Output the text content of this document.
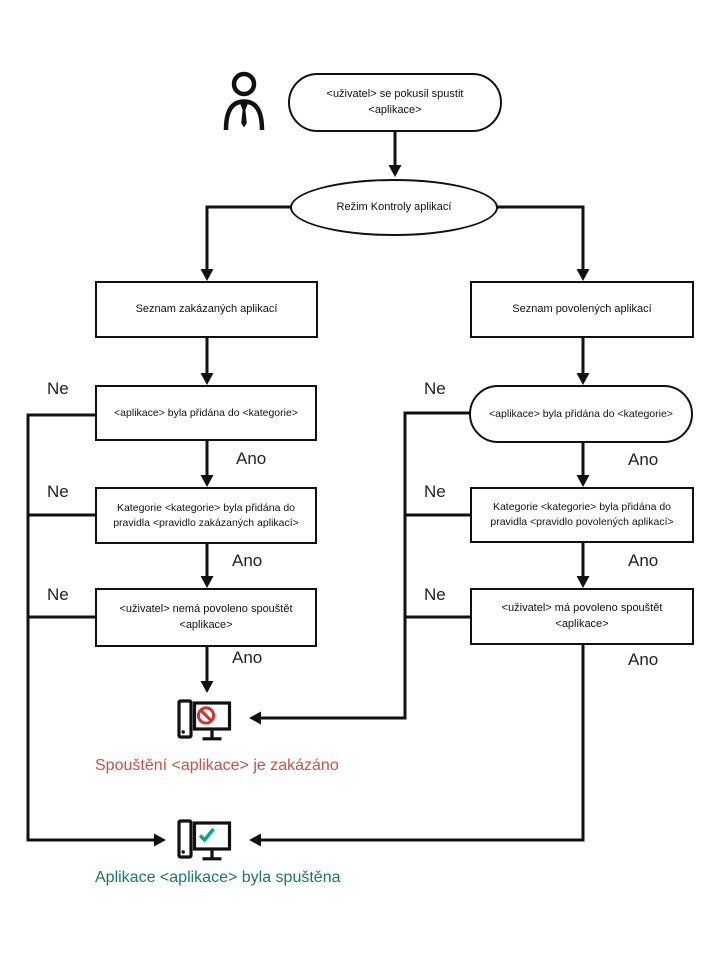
<uživatel> se pokusil spustit
<aplikace>
Režim Kontroly aplikací
Seznam zakázaných aplikací	Seznam povolených aplikací
<aplikace> byla přidána do <kategorie>	<aplikace> byla přidána do <kategorie>
Kategorie <kategorie> byla přidána do
pravidla <pravidlo zakázaných aplikací>
Kategorie <kategorie> byla přidána do
pravidla <pravidlo povolených aplikací>
<uživatel> nemá povoleno spouštět
<aplikace>
<uživatel> má povoleno spouštět
<aplikace>
Ne
Ne
Ne
Ne
Ne
Ne
Ano
Ano
Ano
Ano
Ano
Ano
Spouštění <aplikace> je zakázáno
Aplikace <aplikace> byla spuštěna
